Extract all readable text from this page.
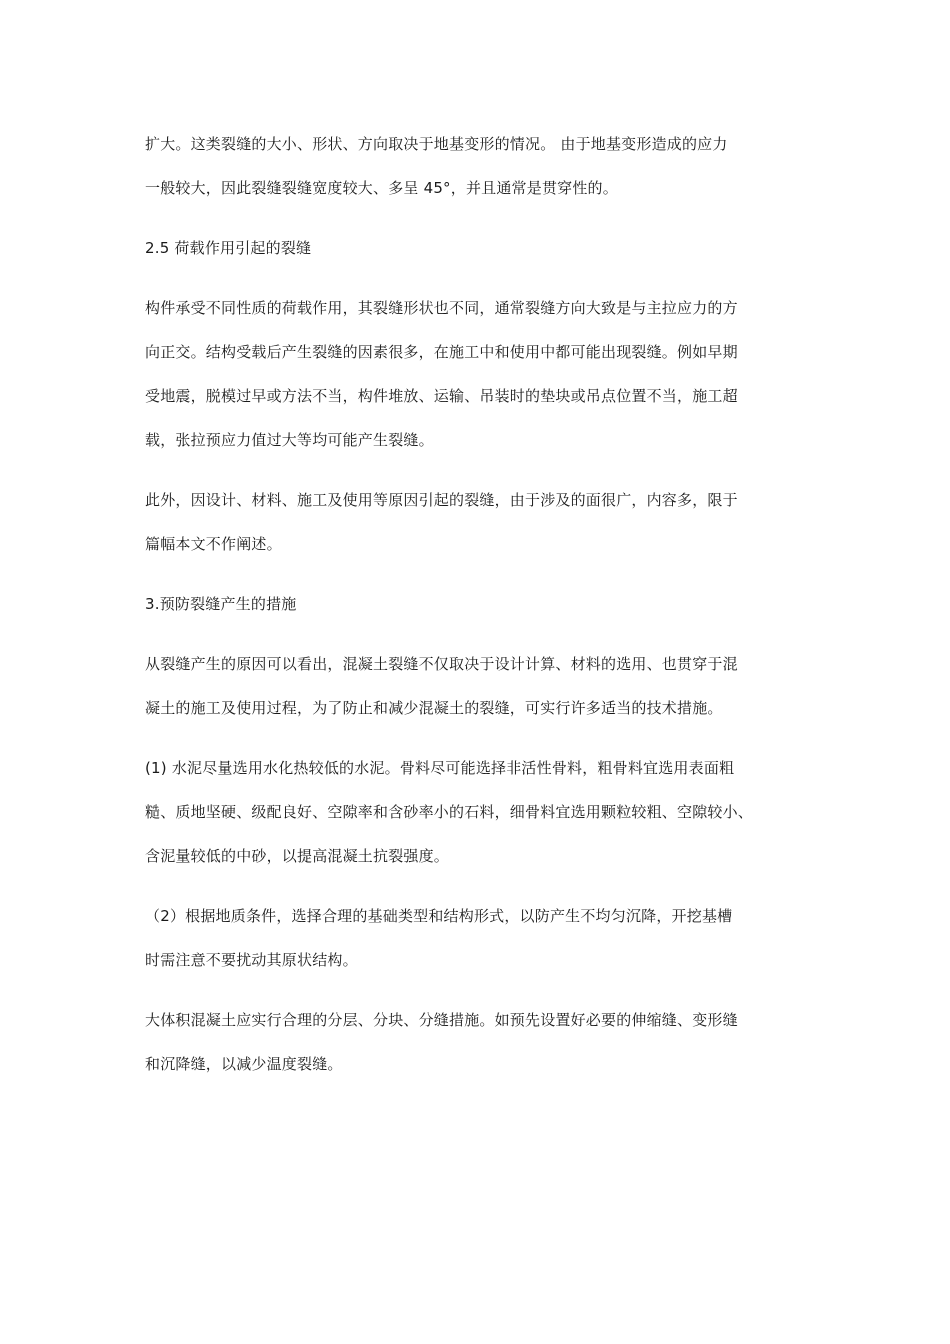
扩大。这类裂缝的大小、形状、方向取决于地基变形的情况。 由于地基变形造成的应力
一般较大，因此裂缝裂缝宽度较大、多呈 45°，并且通常是贯穿性的。

2.5 荷载作用引起的裂缝

构件承受不同性质的荷载作用，其裂缝形状也不同，通常裂缝方向大致是与主拉应力的方
向正交。结构受载后产生裂缝的因素很多，在施工中和使用中都可能出现裂缝。例如早期
受地震，脱模过早或方法不当，构件堆放、运输、吊装时的垫块或吊点位置不当，施工超
载，张拉预应力值过大等均可能产生裂缝。

此外，因设计、材料、施工及使用等原因引起的裂缝，由于涉及的面很广，内容多，限于
篇幅本文不作阐述。

3.预防裂缝产生的措施

从裂缝产生的原因可以看出，混凝土裂缝不仅取决于设计计算、材料的选用、也贯穿于混
凝土的施工及使用过程，为了防止和减少混凝土的裂缝，可实行许多适当的技术措施。

(1) 水泥尽量选用水化热较低的水泥。骨料尽可能选择非活性骨料，粗骨料宜选用表面粗
糙、质地坚硬、级配良好、空隙率和含砂率小的石料，细骨料宜选用颗粒较粗、空隙较小、
含泥量较低的中砂，以提高混凝土抗裂强度。

（2）根据地质条件，选择合理的基础类型和结构形式，以防产生不均匀沉降，开挖基槽
时需注意不要扰动其原状结构。

大体积混凝土应实行合理的分层、分块、分缝措施。如预先设置好必要的伸缩缝、变形缝
和沉降缝，以减少温度裂缝。
